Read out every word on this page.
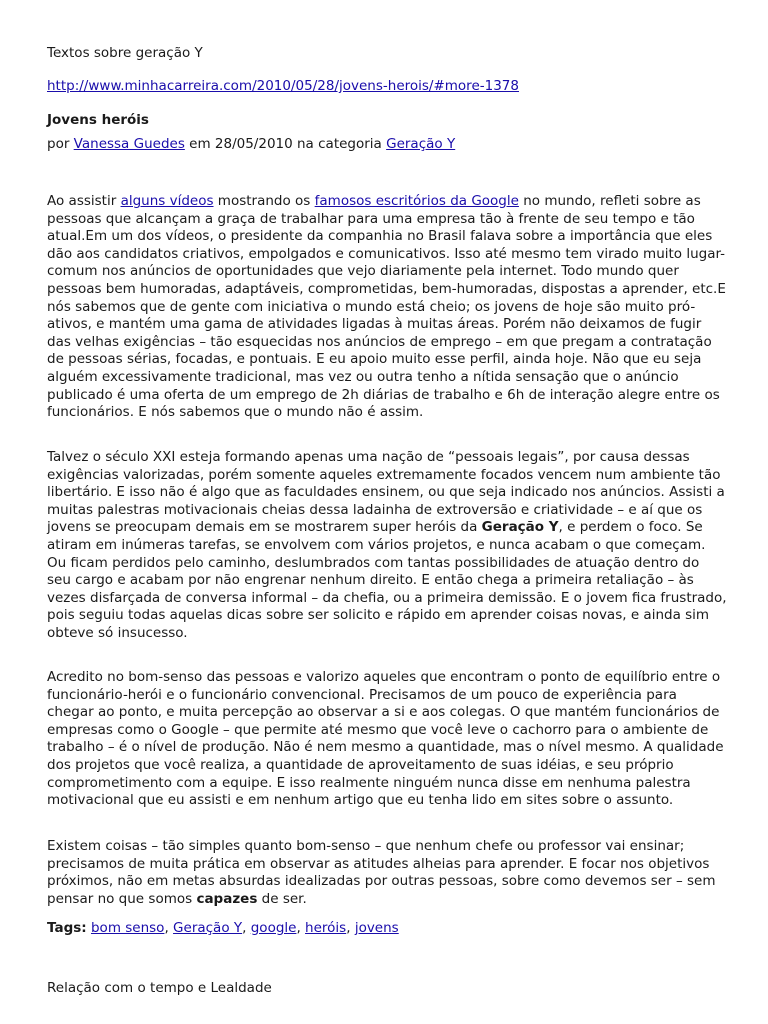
Textos sobre geração Y
http://www.minhacarreira.com/2010/05/28/jovens-herois/#more-1378
Jovens heróis
por Vanessa Guedes em 28/05/2010 na categoria Geração Y
Ao assistir alguns vídeos mostrando os famosos escritórios da Google no mundo, refleti sobre as pessoas que alcançam a graça de trabalhar para uma empresa tão à frente de seu tempo e tão atual.Em um dos vídeos, o presidente da companhia no Brasil falava sobre a importância que eles dão aos candidatos criativos, empolgados e comunicativos. Isso até mesmo tem virado muito lugar-comum nos anúncios de oportunidades que vejo diariamente pela internet. Todo mundo quer pessoas bem humoradas, adaptáveis, comprometidas, bem-humoradas, dispostas a aprender, etc.E nós sabemos que de gente com iniciativa o mundo está cheio; os jovens de hoje são muito pró-ativos, e mantém uma gama de atividades ligadas à muitas áreas. Porém não deixamos de fugir das velhas exigências – tão esquecidas nos anúncios de emprego – em que pregam a contratação de pessoas sérias, focadas, e pontuais. E eu apoio muito esse perfil, ainda hoje. Não que eu seja alguém excessivamente tradicional, mas vez ou outra tenho a nítida sensação que o anúncio publicado é uma oferta de um emprego de 2h diárias de trabalho e 6h de interação alegre entre os funcionários. E nós sabemos que o mundo não é assim.
Talvez o século XXI esteja formando apenas uma nação de “pessoais legais”, por causa dessas exigências valorizadas, porém somente aqueles extremamente focados vencem num ambiente tão libertário. E isso não é algo que as faculdades ensinem, ou que seja indicado nos anúncios. Assisti a muitas palestras motivacionais cheias dessa ladainha de extroversão e criatividade – e aí que os jovens se preocupam demais em se mostrarem super heróis da Geração Y, e perdem o foco. Se atiram em inúmeras tarefas, se envolvem com vários projetos, e nunca acabam o que começam. Ou ficam perdidos pelo caminho, deslumbrados com tantas possibilidades de atuação dentro do seu cargo e acabam por não engrenar nenhum direito. E então chega a primeira retaliação – às vezes disfarçada de conversa informal – da chefia, ou a primeira demissão. E o jovem fica frustrado, pois seguiu todas aquelas dicas sobre ser solicito e rápido em aprender coisas novas, e ainda sim obteve só insucesso.
Acredito no bom-senso das pessoas e valorizo aqueles que encontram o ponto de equilíbrio entre o funcionário-herói e o funcionário convencional. Precisamos de um pouco de experiência para chegar ao ponto, e muita percepção ao observar a si e aos colegas. O que mantém funcionários de empresas como o Google – que permite até mesmo que você leve o cachorro para o ambiente de trabalho – é o nível de produção. Não é nem mesmo a quantidade, mas o nível mesmo. A qualidade dos projetos que você realiza, a quantidade de aproveitamento de suas idéias, e seu próprio comprometimento com a equipe. E isso realmente ninguém nunca disse em nenhuma palestra motivacional que eu assisti e em nenhum artigo que eu tenha lido em sites sobre o assunto.
Existem coisas – tão simples quanto bom-senso – que nenhum chefe ou professor vai ensinar; precisamos de muita prática em observar as atitudes alheias para aprender. E focar nos objetivos próximos, não em metas absurdas idealizadas por outras pessoas, sobre como devemos ser – sem pensar no que somos capazes de ser.
Tags: bom senso, Geração Y, google, heróis, jovens
Relação com o tempo e Lealdade
